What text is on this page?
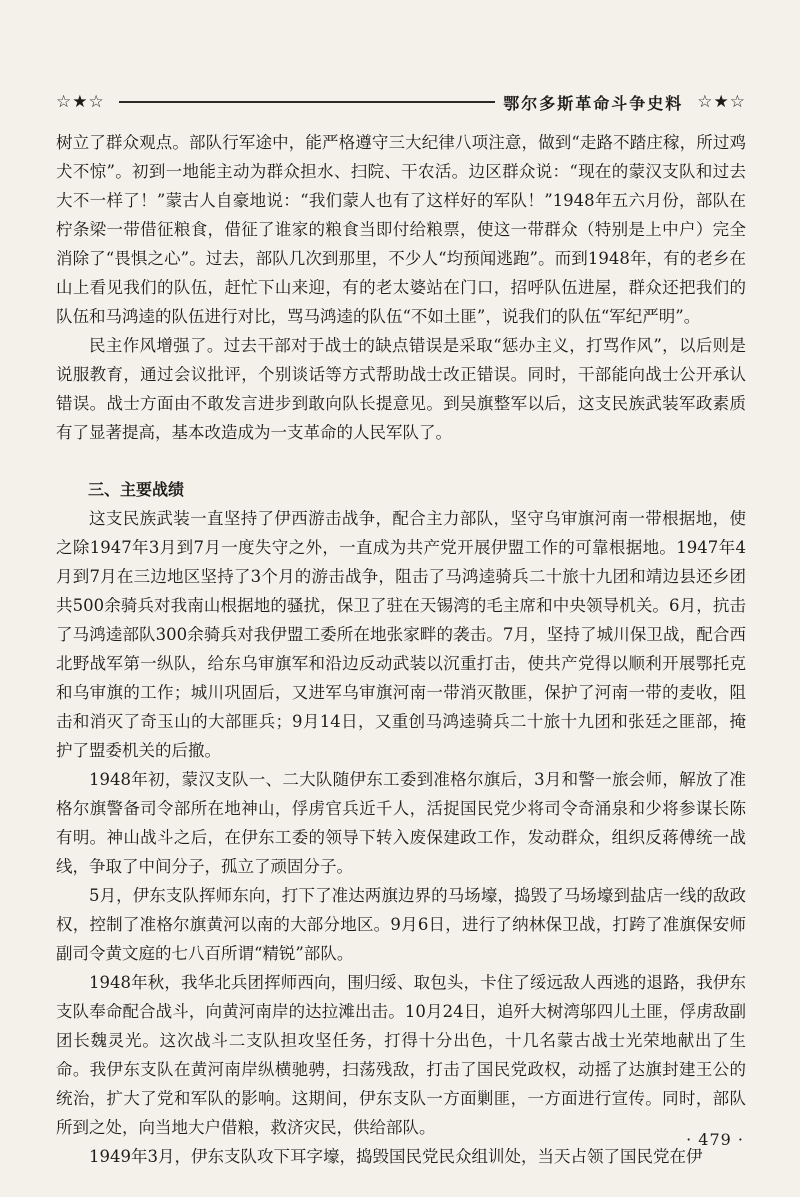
☆★☆	鄂尔多斯革命斗争史料 ☆★☆

树立了群众观点。部队行军途中，能严格遵守三大纪律八项注意，做到“走路不踏庄稼，所过鸡犬不惊”。初到一地能主动为群众担水、扫院、干农活。边区群众说：“现在的蒙汉支队和过去大不一样了！”蒙古人自豪地说：“我们蒙人也有了这样好的军队！”1948年五六月份，部队在柠条梁一带借征粮食，借征了谁家的粮食当即付给粮票，使这一带群众（特别是上中户）完全消除了“畏惧之心”。过去，部队几次到那里，不少人“均预闻逃跑”。而到1948年，有的老乡在山上看见我们的队伍，赶忙下山来迎，有的老太婆站在门口，招呼队伍进屋，群众还把我们的队伍和马鸿逵的队伍进行对比，骂马鸿逵的队伍“不如土匪”，说我们的队伍“军纪严明”。

民主作风增强了。过去干部对于战士的缺点错误是采取“惩办主义，打骂作风”，以后则是说服教育，通过会议批评，个别谈话等方式帮助战士改正错误。同时，干部能向战士公开承认错误。战士方面由不敢发言进步到敢向队长提意见。到吴旗整军以后，这支民族武装军政素质有了显著提高，基本改造成为一支革命的人民军队了。

三、主要战绩

这支民族武装一直坚持了伊西游击战争，配合主力部队，坚守乌审旗河南一带根据地，使之除1947年3月到7月一度失守之外，一直成为共产党开展伊盟工作的可靠根据地。1947年4月到7月在三边地区坚持了3个月的游击战争，阻击了马鸿逵骑兵二十旅十九团和靖边县还乡团共500余骑兵对我南山根据地的骚扰，保卫了驻在天锡湾的毛主席和中央领导机关。6月，抗击了马鸿逵部队300余骑兵对我伊盟工委所在地张家畔的袭击。7月，坚持了城川保卫战，配合西北野战军第一纵队，给东乌审旗军和沿边反动武装以沉重打击，使共产党得以顺利开展鄂托克和乌审旗的工作；城川巩固后，又进军乌审旗河南一带消灭散匪，保护了河南一带的麦收，阻击和消灭了奇玉山的大部匪兵；9月14日，又重创马鸿逵骑兵二十旅十九团和张廷之匪部，掩护了盟委机关的后撤。

1948年初，蒙汉支队一、二大队随伊东工委到准格尔旗后，3月和警一旅会师，解放了准格尔旗警备司令部所在地神山，俘虏官兵近千人，活捉国民党少将司令奇涌泉和少将参谋长陈有明。神山战斗之后，在伊东工委的领导下转入废保建政工作，发动群众，组织反蒋傅统一战线，争取了中间分子，孤立了顽固分子。

5月，伊东支队挥师东向，打下了准达两旗边界的马场壕，捣毁了马场壕到盐店一线的敌政权，控制了准格尔旗黄河以南的大部分地区。9月6日，进行了纳林保卫战，打跨了准旗保安师副司令黄文庭的七八百所谓“精锐”部队。

1948年秋，我华北兵团挥师西向，围归绥、取包头，卡住了绥远敌人西逃的退路，我伊东支队奉命配合战斗，向黄河南岸的达拉滩出击。10月24日，追歼大树湾邬四儿土匪，俘虏敌副团长魏灵光。这次战斗二支队担攻坚任务，打得十分出色，十几名蒙古战士光荣地献出了生命。我伊东支队在黄河南岸纵横驰骋，扫荡残敌，打击了国民党政权，动摇了达旗封建王公的统治，扩大了党和军队的影响。这期间，伊东支队一方面剿匪，一方面进行宣传。同时，部队所到之处，向当地大户借粮，救济灾民，供给部队。

1949年3月，伊东支队攻下耳字壕，捣毁国民党民众组训处，当天占领了国民党在伊

· 479 ·
